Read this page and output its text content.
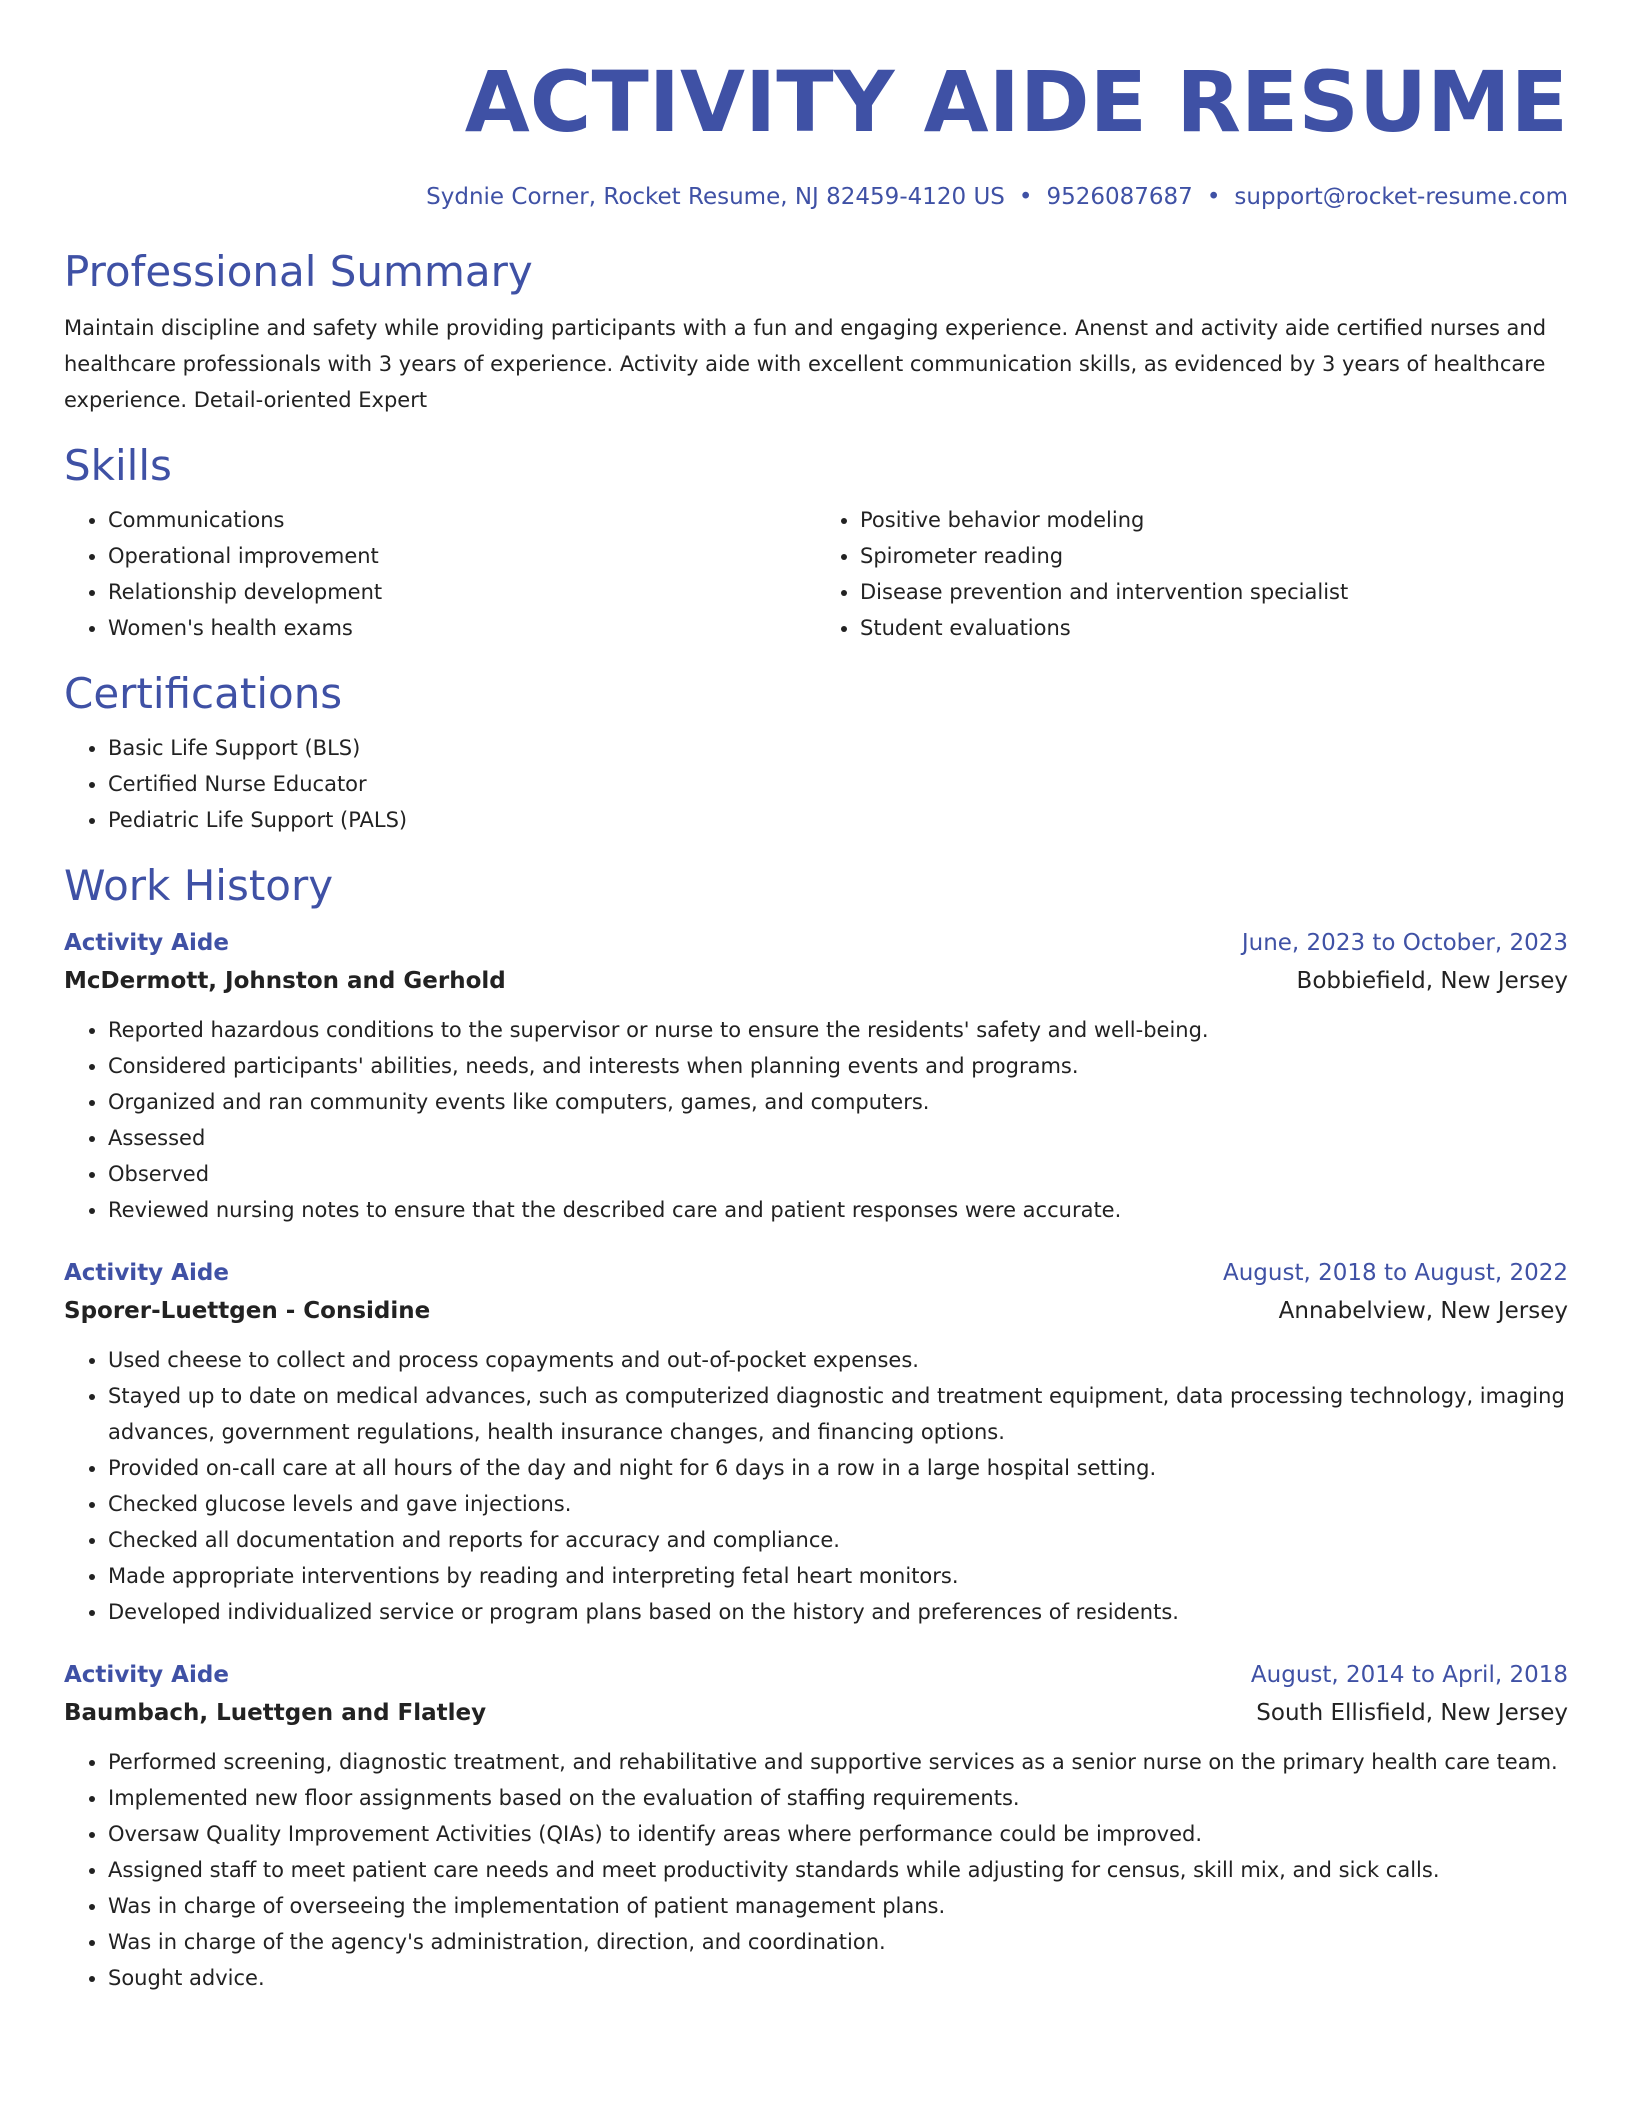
ACTIVITY AIDE RESUME
Sydnie Corner, Rocket Resume, NJ 82459-4120 US • 9526087687 • support@rocket-resume.com
Professional Summary

Maintain discipline and safety while providing participants with a fun and engaging experience. Anenst and activity aide certified nurses and healthcare professionals with 3 years of experience. Activity aide with excellent communication skills, as evidenced by 3 years of healthcare experience. Detail-oriented Expert

Skills
• Communications
• Operational improvement
• Relationship development
• Women's health exams
• Positive behavior modeling
• Spirometer reading
• Disease prevention and intervention specialist
• Student evaluations
Certifications
• Basic Life Support (BLS)
• Certified Nurse Educator
• Pediatric Life Support (PALS)
Work History
Activity Aide	June, 2023 to October, 2023
McDermott, Johnston and Gerhold	Bobbiefield, New Jersey
• Reported hazardous conditions to the supervisor or nurse to ensure the residents' safety and well-being.
• Considered participants' abilities, needs, and interests when planning events and programs.
• Organized and ran community events like computers, games, and computers.
• Assessed
• Observed
• Reviewed nursing notes to ensure that the described care and patient responses were accurate.
Activity Aide	August, 2018 to August, 2022
Sporer-Luettgen - Considine	Annabelview, New Jersey
• Used cheese to collect and process copayments and out-of-pocket expenses.
• Stayed up to date on medical advances, such as computerized diagnostic and treatment equipment, data processing technology, imaging advances, government regulations, health insurance changes, and financing options.
• Provided on-call care at all hours of the day and night for 6 days in a row in a large hospital setting.
• Checked glucose levels and gave injections.
• Checked all documentation and reports for accuracy and compliance.
• Made appropriate interventions by reading and interpreting fetal heart monitors.
• Developed individualized service or program plans based on the history and preferences of residents.
Activity Aide	August, 2014 to April, 2018
Baumbach, Luettgen and Flatley	South Ellisfield, New Jersey
• Performed screening, diagnostic treatment, and rehabilitative and supportive services as a senior nurse on the primary health care team.
• Implemented new floor assignments based on the evaluation of staffing requirements.
• Oversaw Quality Improvement Activities (QIAs) to identify areas where performance could be improved.
• Assigned staff to meet patient care needs and meet productivity standards while adjusting for census, skill mix, and sick calls.
• Was in charge of overseeing the implementation of patient management plans.
• Was in charge of the agency's administration, direction, and coordination.
• Sought advice.
